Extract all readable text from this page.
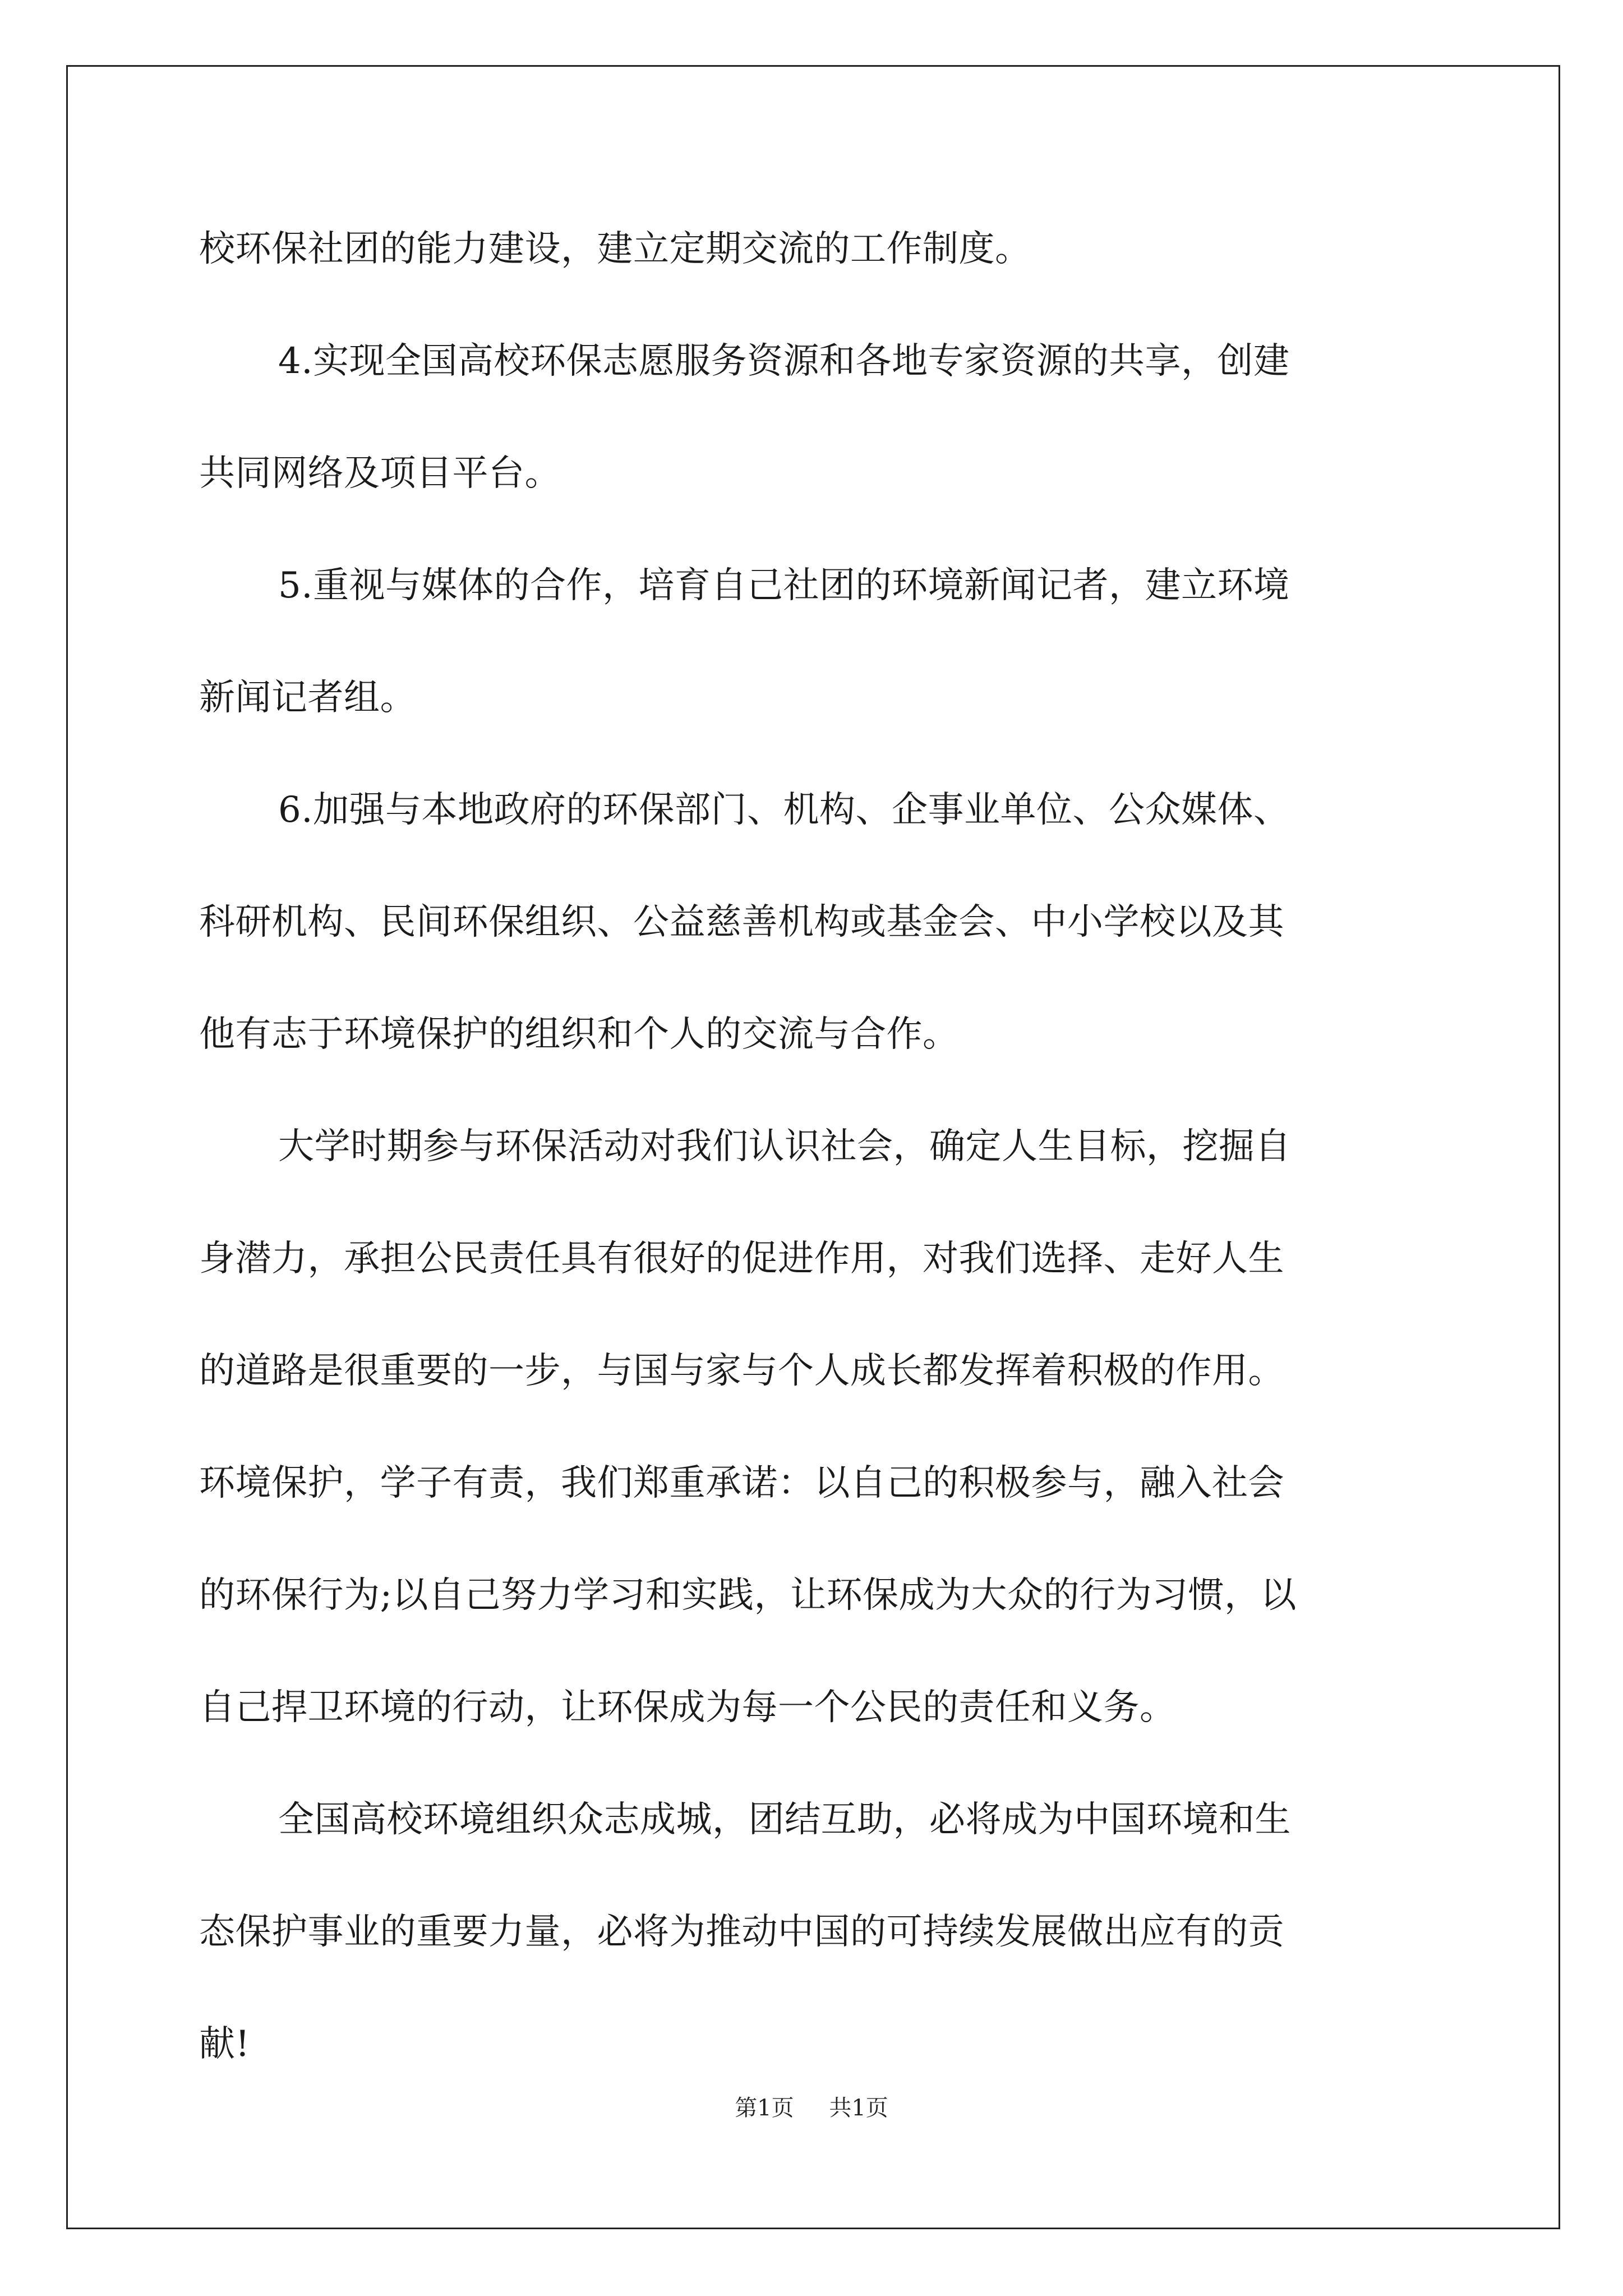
校环保社团的能力建设，建立定期交流的工作制度。
4.实现全国高校环保志愿服务资源和各地专家资源的共享，创建
共同网络及项目平台。
5.重视与媒体的合作，培育自己社团的环境新闻记者，建立环境
新闻记者组。
6.加强与本地政府的环保部门、机构、企事业单位、公众媒体、
科研机构、民间环保组织、公益慈善机构或基金会、中小学校以及其
他有志于环境保护的组织和个人的交流与合作。
大学时期参与环保活动对我们认识社会，确定人生目标，挖掘自
身潜力，承担公民责任具有很好的促进作用，对我们选择、走好人生
的道路是很重要的一步，与国与家与个人成长都发挥着积极的作用。
环境保护，学子有责，我们郑重承诺：以自己的积极参与，融入社会
的环保行为;以自己努力学习和实践，让环保成为大众的行为习惯，以
自己捍卫环境的行动，让环保成为每一个公民的责任和义务。
全国高校环境组织众志成城，团结互助，必将成为中国环境和生
态保护事业的重要力量，必将为推动中国的可持续发展做出应有的贡
献!
第1页 共1页
